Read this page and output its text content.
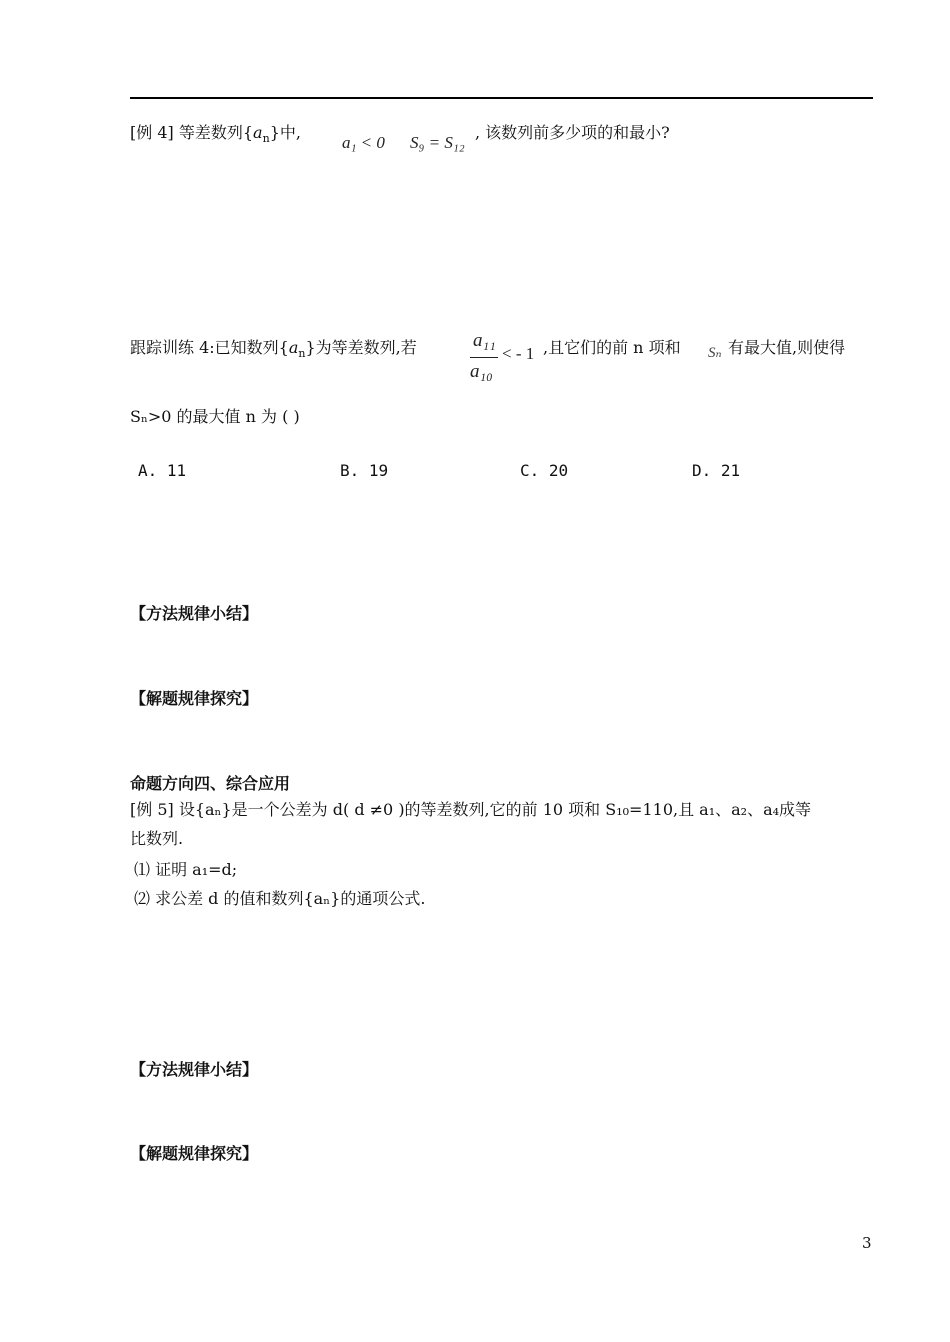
[例 4] 等差数列$\{a_n\}$中,
a₁ < 0 S₉ = S₁₂
, 该数列前多少项的和最小?
跟踪训练 4:已知数列$\{a_n\}$为等差数列,若	a₁₁
a₁₀
< - 1 ,且它们的前 n 项和 Sₙ 有最大值,则使得
Sₙ>0 的最大值 n 为 ( )
A. 11	B. 19	C. 20	D. 21
【方法规律小结】
【解题规律探究】
命题方向四、综合应用
[例 5] 设{aₙ}是一个公差为 d( d ≠0 )的等差数列,它的前 10 项和 S₁₀=110,且 a₁、a₂、a₄成等
比数列.
⑴ 证明 a₁=d;
⑵ 求公差 d 的值和数列{aₙ}的通项公式.
【方法规律小结】
【解题规律探究】
3
